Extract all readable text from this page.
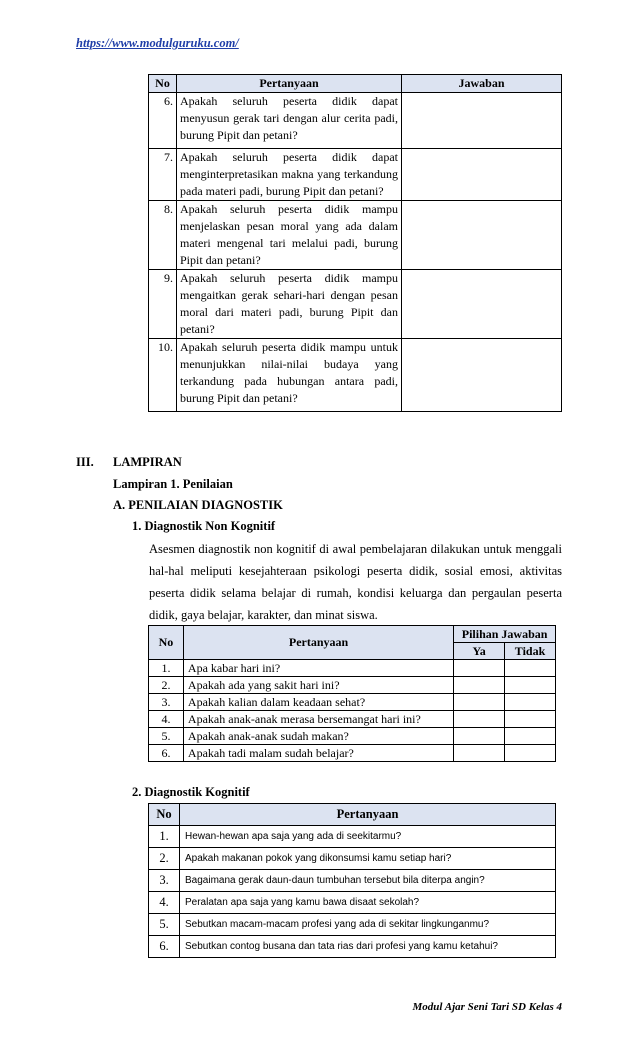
https://www.modulguruku.com/
No	Pertanyaan	Jawaban
6.	Apakah seluruh peserta didik dapat menyusun gerak tari dengan alur cerita padi, burung Pipit dan petani?	
7.	Apakah seluruh peserta didik dapat menginterpretasikan makna yang terkandung pada materi padi, burung Pipit dan petani?	
8.	Apakah seluruh peserta didik mampu menjelaskan pesan moral yang ada dalam materi mengenal tari melalui padi, burung Pipit dan petani?	
9.	Apakah seluruh peserta didik mampu mengaitkan gerak sehari-hari dengan pesan moral dari materi padi, burung Pipit dan petani?	
10.	Apakah seluruh peserta didik mampu untuk menunjukkan nilai-nilai budaya yang terkandung pada hubungan antara padi, burung Pipit dan petani?	
III. LAMPIRAN
Lampiran 1. Penilaian
A. PENILAIAN DIAGNOSTIK
1. Diagnostik Non Kognitif
Asesmen diagnostik non kognitif di awal pembelajaran dilakukan untuk menggali hal-hal meliputi kesejahteraan psikologi peserta didik, sosial emosi, aktivitas peserta didik selama belajar di rumah, kondisi keluarga dan pergaulan peserta didik, gaya belajar, karakter, dan minat siswa.
No	Pertanyaan	Pilihan Jawaban	
		Ya	Tidak
1.	Apa kabar hari ini?		
2.	Apakah ada yang sakit hari ini?		
3.	Apakah kalian dalam keadaan sehat?		
4.	Apakah anak-anak merasa bersemangat hari ini?		
5.	Apakah anak-anak sudah makan?		
6.	Apakah tadi malam sudah belajar?		
2. Diagnostik Kognitif
No	Pertanyaan
1.	Hewan-hewan apa saja yang ada di seekitarmu?
2.	Apakah makanan pokok yang dikonsumsi kamu setiap hari?
3.	Bagaimana gerak daun-daun tumbuhan tersebut bila diterpa angin?
4.	Peralatan apa saja yang kamu bawa disaat sekolah?
5.	Sebutkan macam-macam profesi yang ada di sekitar lingkunganmu?
6.	Sebutkan contog busana dan tata rias dari profesi yang kamu ketahui?
Modul Ajar Seni Tari SD Kelas 4
